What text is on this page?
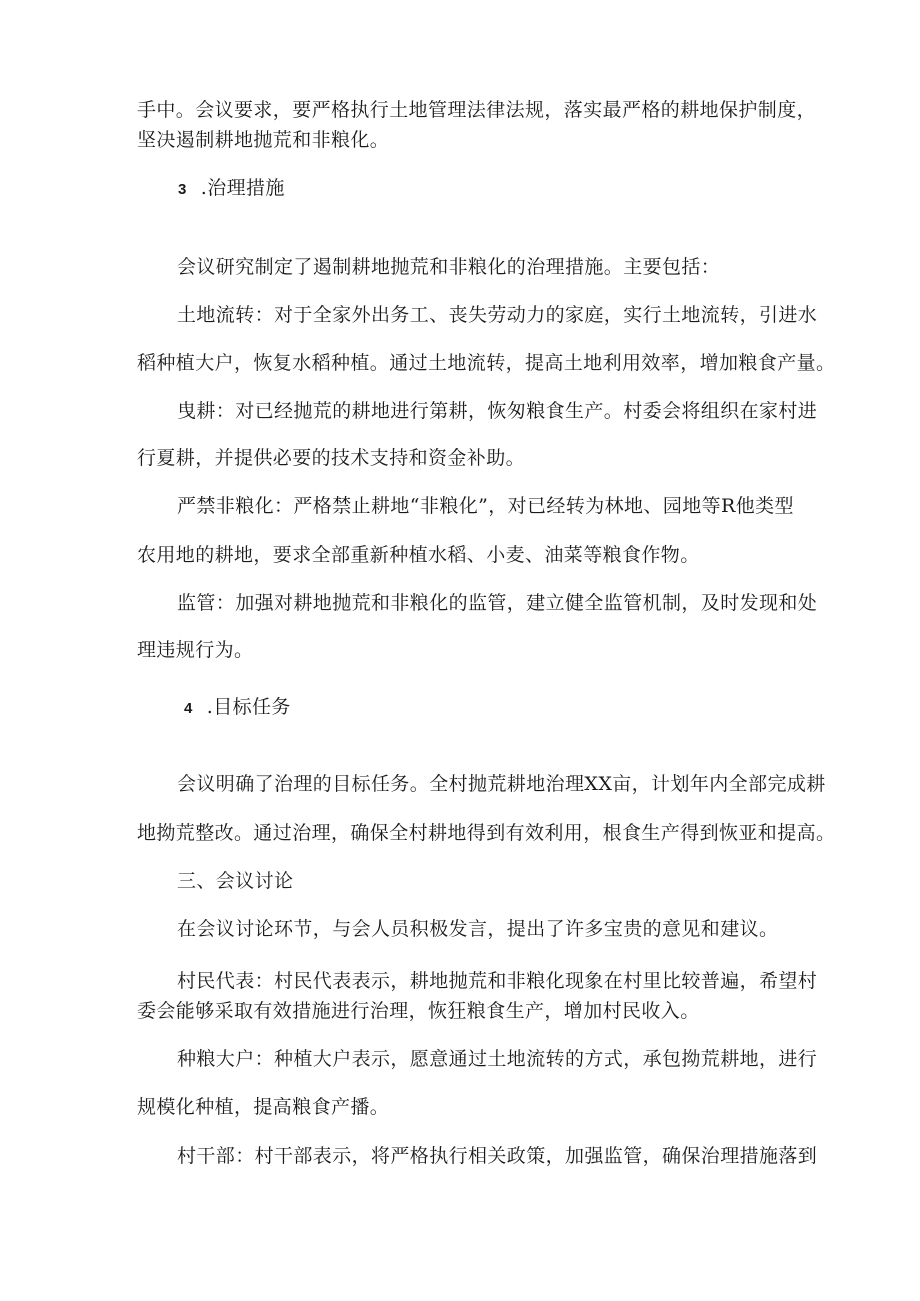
手中。会议要求，要严格执行土地管理法律法规，落实最严格的耕地保护制度，
坚决遏制耕地抛荒和非粮化。
3 .治理措施
会议研究制定了遏制耕地抛荒和非粮化的治理措施。主要包括：
土地流转：对于全家外出务工、丧失劳动力的家庭，实行土地流转，引进水
稻种植大户，恢复水稻种植。通过土地流转，提高土地利用效率，增加粮食产量。
曳耕：对已经抛荒的耕地进行第耕，恢匆粮食生产。村委会将组织在家村进
行夏耕，并提供必要的技术支持和资金补助。
严禁非粮化：严格禁止耕地“非粮化”，对已经转为林地、园地等R他类型
农用地的耕地，要求全部重新种植水稻、小麦、油菜等粮食作物。
监管：加强对耕地抛荒和非粮化的监管，建立健全监管机制，及时发现和处
理违规行为。
4 .目标任务
会议明确了治理的目标任务。全村抛荒耕地治理XX亩，计划年内全部完成耕
地拗荒整改。通过治理，确保全村耕地得到有效利用，根食生产得到恢亚和提高。
三、会议讨论
在会议讨论环节，与会人员积极发言，提出了许多宝贵的意见和建议。
村民代表：村民代表表示，耕地抛荒和非粮化现象在村里比较普遍，希望村
委会能够采取有效措施进行治理，恢狂粮食生产，增加村民收入。
种粮大户：种植大户表示，愿意通过土地流转的方式，承包拗荒耕地，进行
规模化种植，提高粮食产播。
村干部：村干部表示，将严格执行相关政策，加强监管，确保治理措施落到
